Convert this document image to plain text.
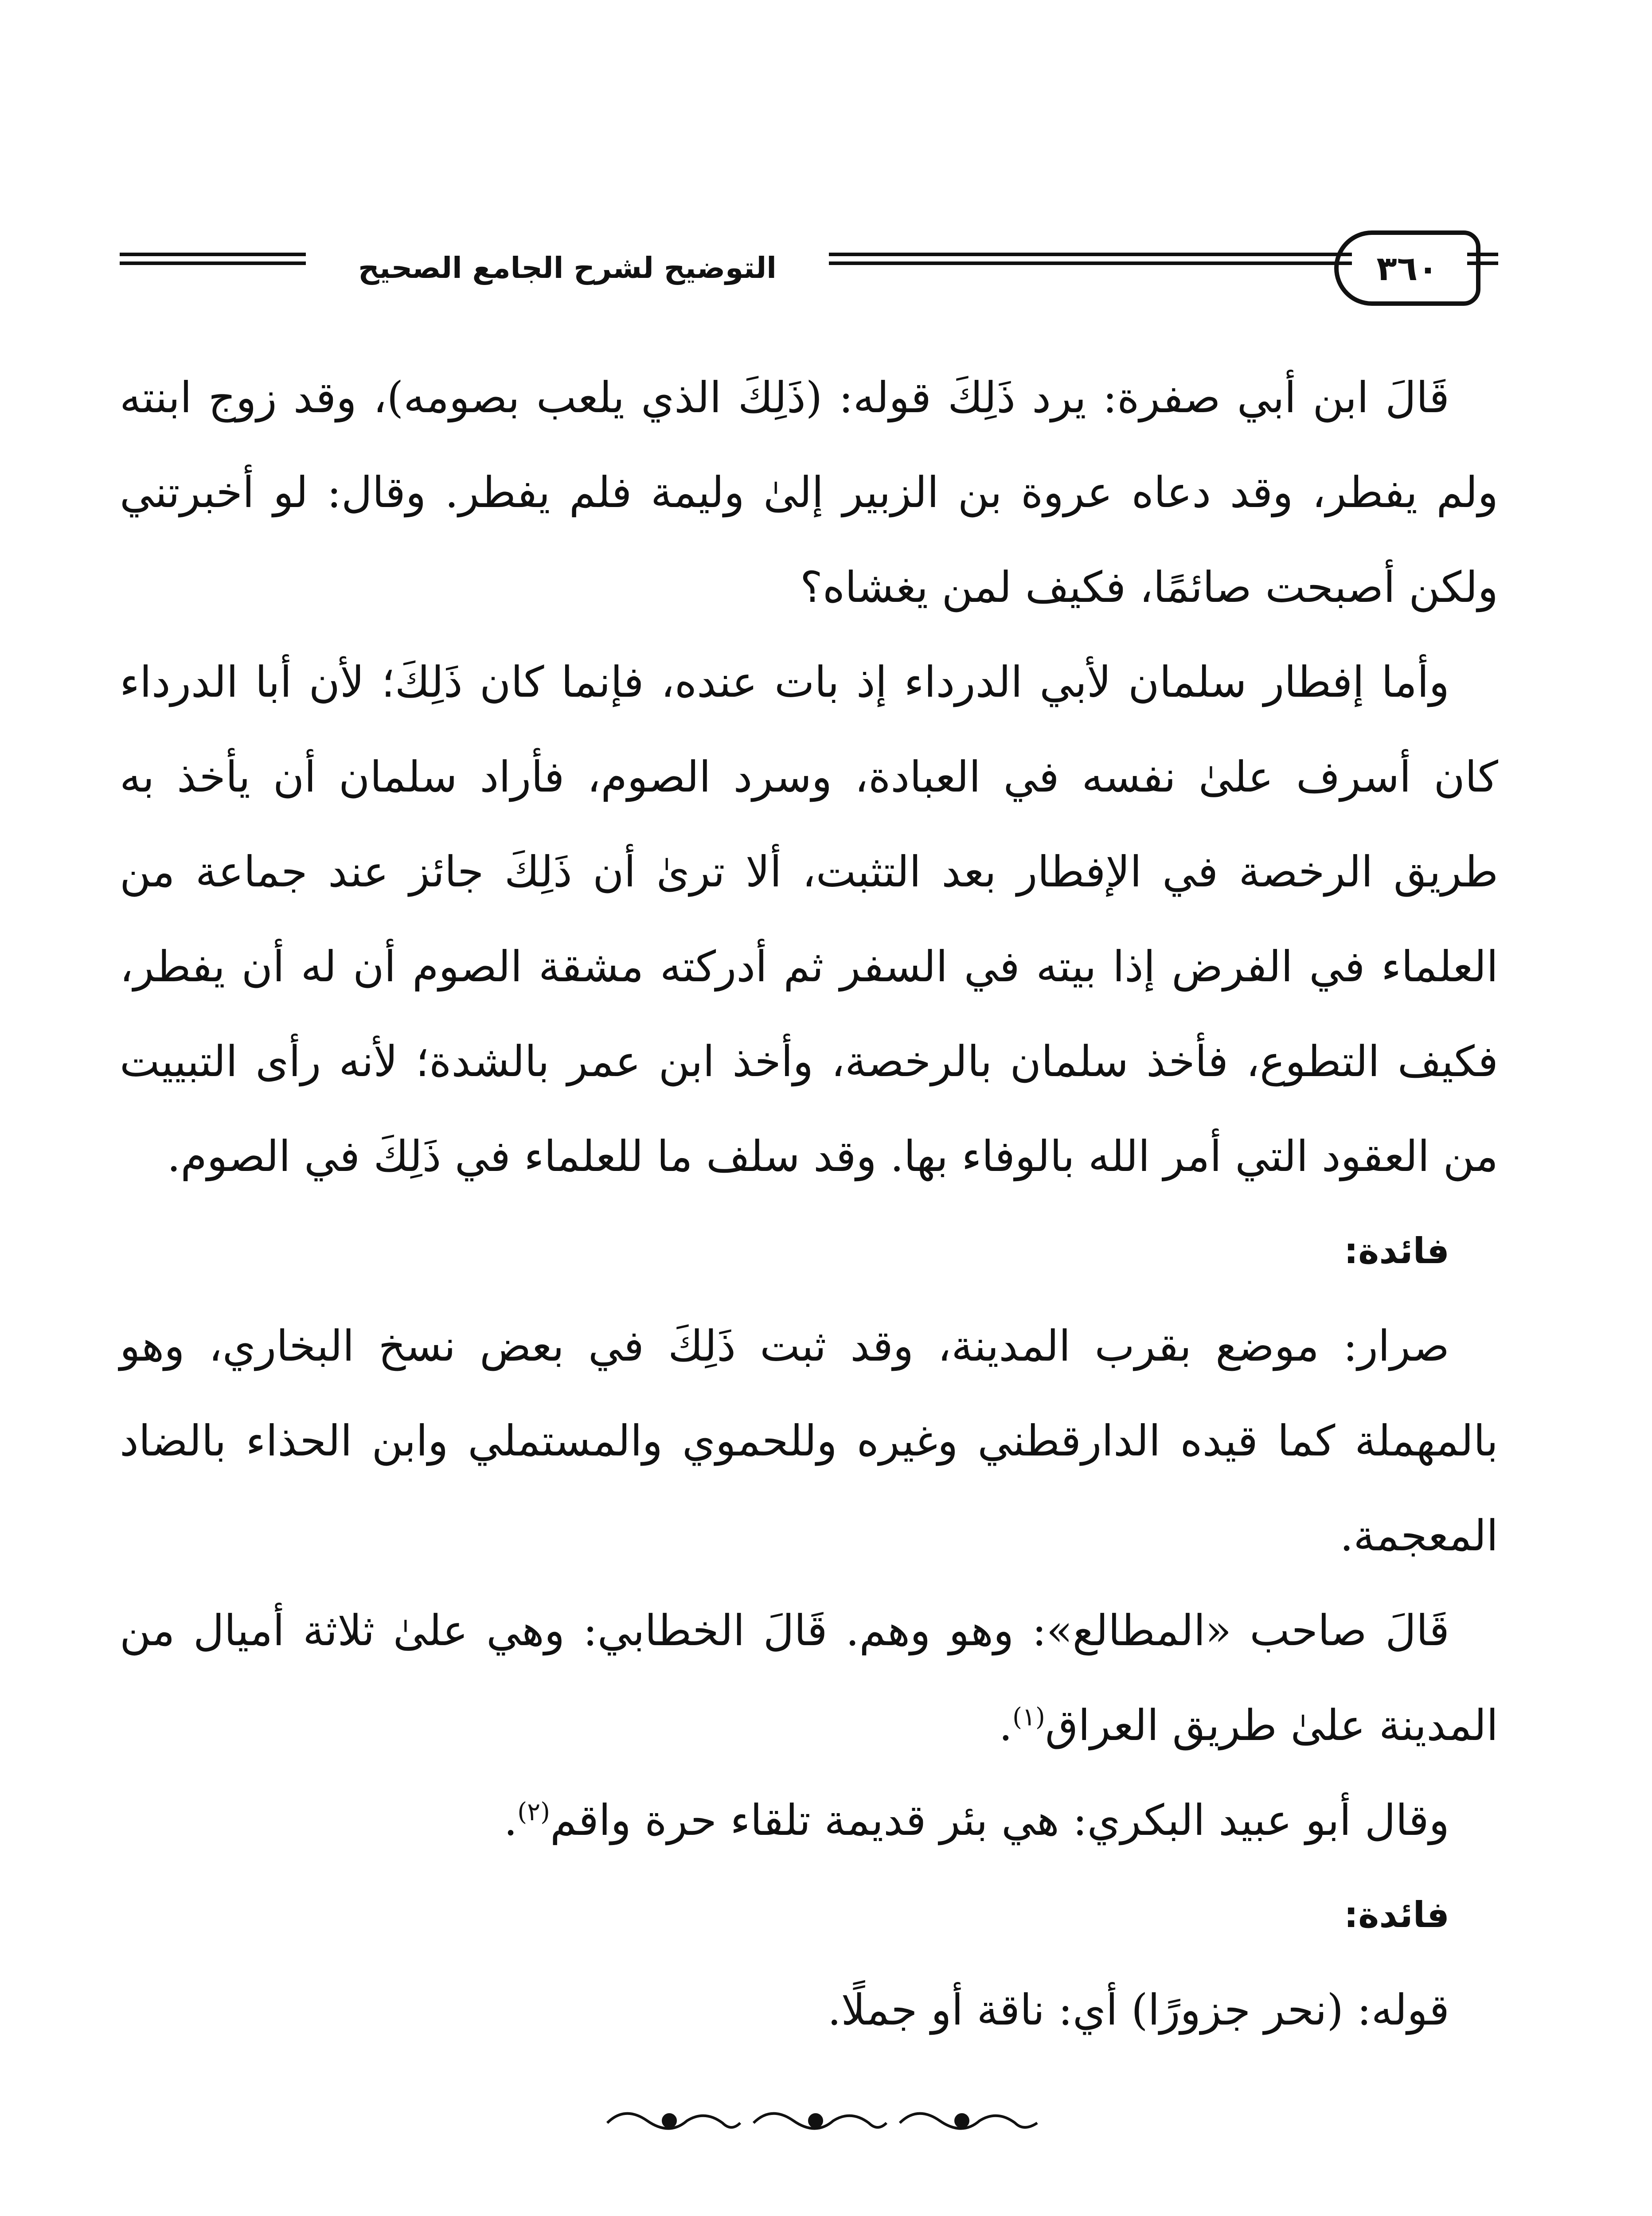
التوضيح لشرح الجامع الصحيح	٣٦٠

قَالَ ابن أبي صفرة: يرد ذَلِكَ قوله: (ذَلِكَ الذي يلعب بصومه)، وقد زوج ابنته ولم يفطر، وقد دعاه عروة بن الزبير إلىٰ وليمة فلم يفطر. وقال: لو أخبرتني ولكن أصبحت صائمًا، فكيف لمن يغشاه؟

وأما إفطار سلمان لأبي الدرداء إذ بات عنده، فإنما كان ذَلِكَ؛ لأن أبا الدرداء كان أسرف علىٰ نفسه في العبادة، وسرد الصوم، فأراد سلمان أن يأخذ به طريق الرخصة في الإفطار بعد التثبت، ألا ترىٰ أن ذَلِكَ جائز عند جماعة من العلماء في الفرض إذا بيته في السفر ثم أدركته مشقة الصوم أن له أن يفطر، فكيف التطوع، فأخذ سلمان بالرخصة، وأخذ ابن عمر بالشدة؛ لأنه رأى التبييت من العقود التي أمر الله بالوفاء بها. وقد سلف ما للعلماء في ذَلِكَ في الصوم.

فائدة:

صرار: موضع بقرب المدينة، وقد ثبت ذَلِكَ في بعض نسخ البخاري، وهو بالمهملة كما قيده الدارقطني وغيره وللحموي والمستملي وابن الحذاء بالضاد المعجمة.

قَالَ صاحب «المطالع»: وهو وهم. قَالَ الخطابي: وهي علىٰ ثلاثة أميال من المدينة علىٰ طريق العراق$^{(١)}$.

وقال أبو عبيد البكري: هي بئر قديمة تلقاء حرة واقم$^{(٢)}$.

فائدة:

قوله: (نحر جزورًا) أي: ناقة أو جملًا.
